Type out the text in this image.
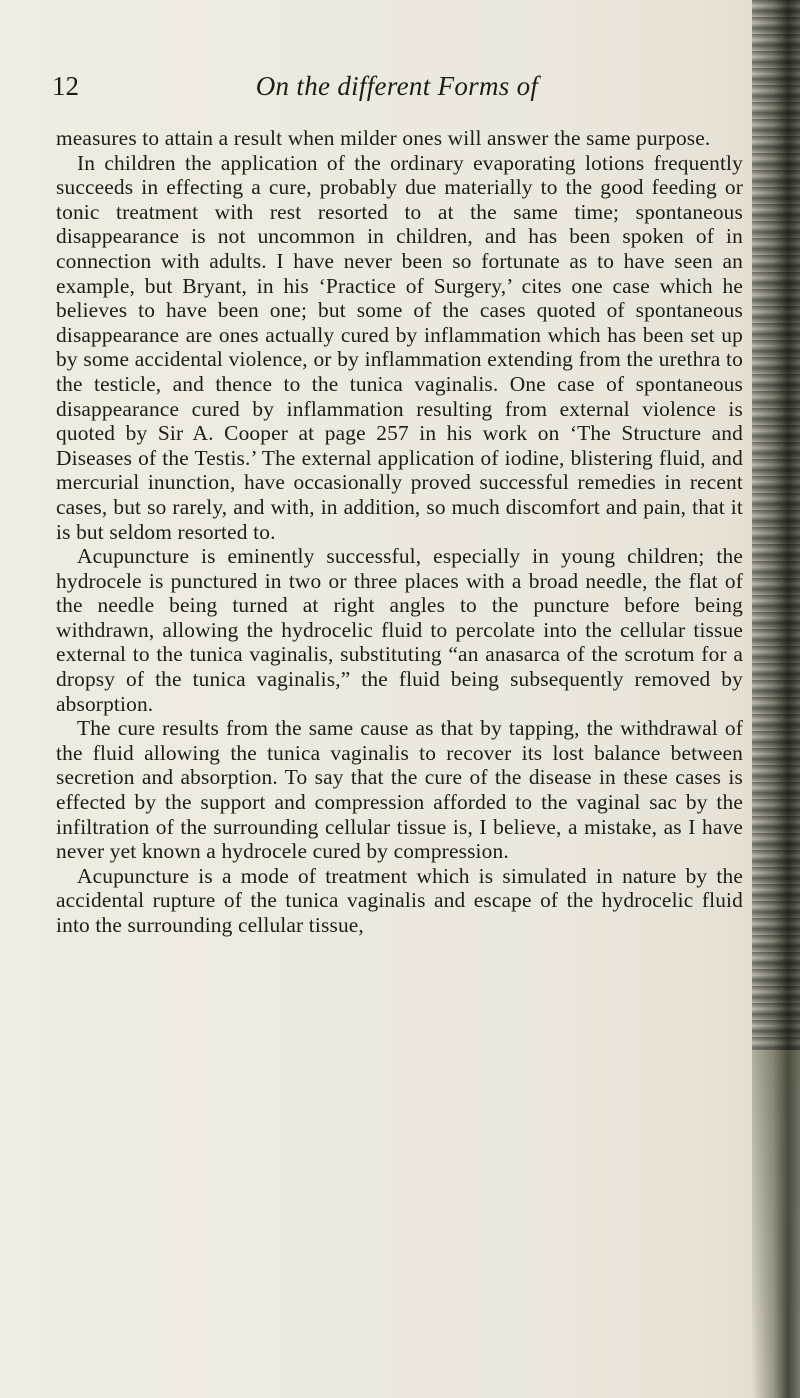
12	On the different Forms of

measures to attain a result when milder ones will answer the same purpose.

In children the application of the ordinary evaporating lotions frequently succeeds in effecting a cure, probably due materially to the good feeding or tonic treatment with rest resorted to at the same time; spontaneous disappearance is not uncommon in children, and has been spoken of in connection with adults. I have never been so fortunate as to have seen an example, but Bryant, in his ‘Practice of Surgery,’ cites one case which he believes to have been one; but some of the cases quoted of spontaneous disappearance are ones actually cured by inflammation which has been set up by some accidental violence, or by inflammation extending from the urethra to the testicle, and thence to the tunica vaginalis. One case of spontaneous disappearance cured by inflammation resulting from external violence is quoted by Sir A. Cooper at page 257 in his work on ‘The Structure and Diseases of the Testis.’ The external application of iodine, blistering fluid, and mercurial inunction, have occasionally proved successful remedies in recent cases, but so rarely, and with, in addition, so much discomfort and pain, that it is but seldom resorted to.

Acupuncture is eminently successful, especially in young children; the hydrocele is punctured in two or three places with a broad needle, the flat of the needle being turned at right angles to the puncture before being withdrawn, allowing the hydrocelic fluid to percolate into the cellular tissue external to the tunica vaginalis, substituting “an anasarca of the scrotum for a dropsy of the tunica vaginalis,” the fluid being subsequently removed by absorption.

The cure results from the same cause as that by tapping, the withdrawal of the fluid allowing the tunica vaginalis to recover its lost balance between secretion and absorption. To say that the cure of the disease in these cases is effected by the support and compression afforded to the vaginal sac by the infiltration of the surrounding cellular tissue is, I believe, a mistake, as I have never yet known a hydrocele cured by compression.

Acupuncture is a mode of treatment which is simulated in nature by the accidental rupture of the tunica vaginalis and escape of the hydrocelic fluid into the surrounding cellular tissue,
